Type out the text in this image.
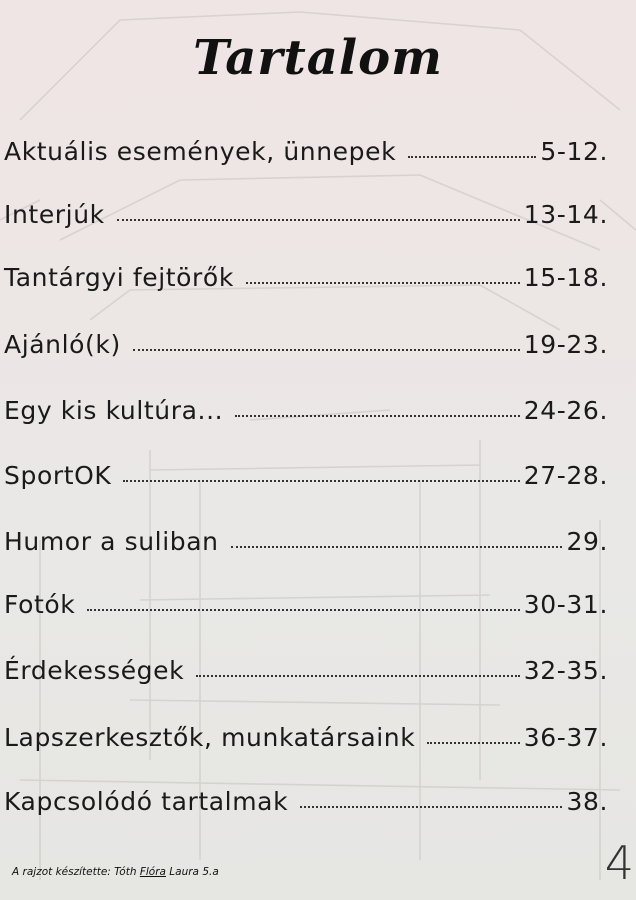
Tartalom
Aktuális események, ünnepek	5-12.
Interjúk	13-14.
Tantárgyi fejtörők	15-18.
Ajánló(k)	19-23.
Egy kis kultúra...	24-26.
SportOK	27-28.
Humor a suliban	29.
Fotók	30-31.
Érdekességek	32-35.
Lapszerkesztők, munkatársaink	36-37.
Kapcsolódó tartalmak	38.
A rajzot készítette: Tóth Flóra Laura 5.a	4
